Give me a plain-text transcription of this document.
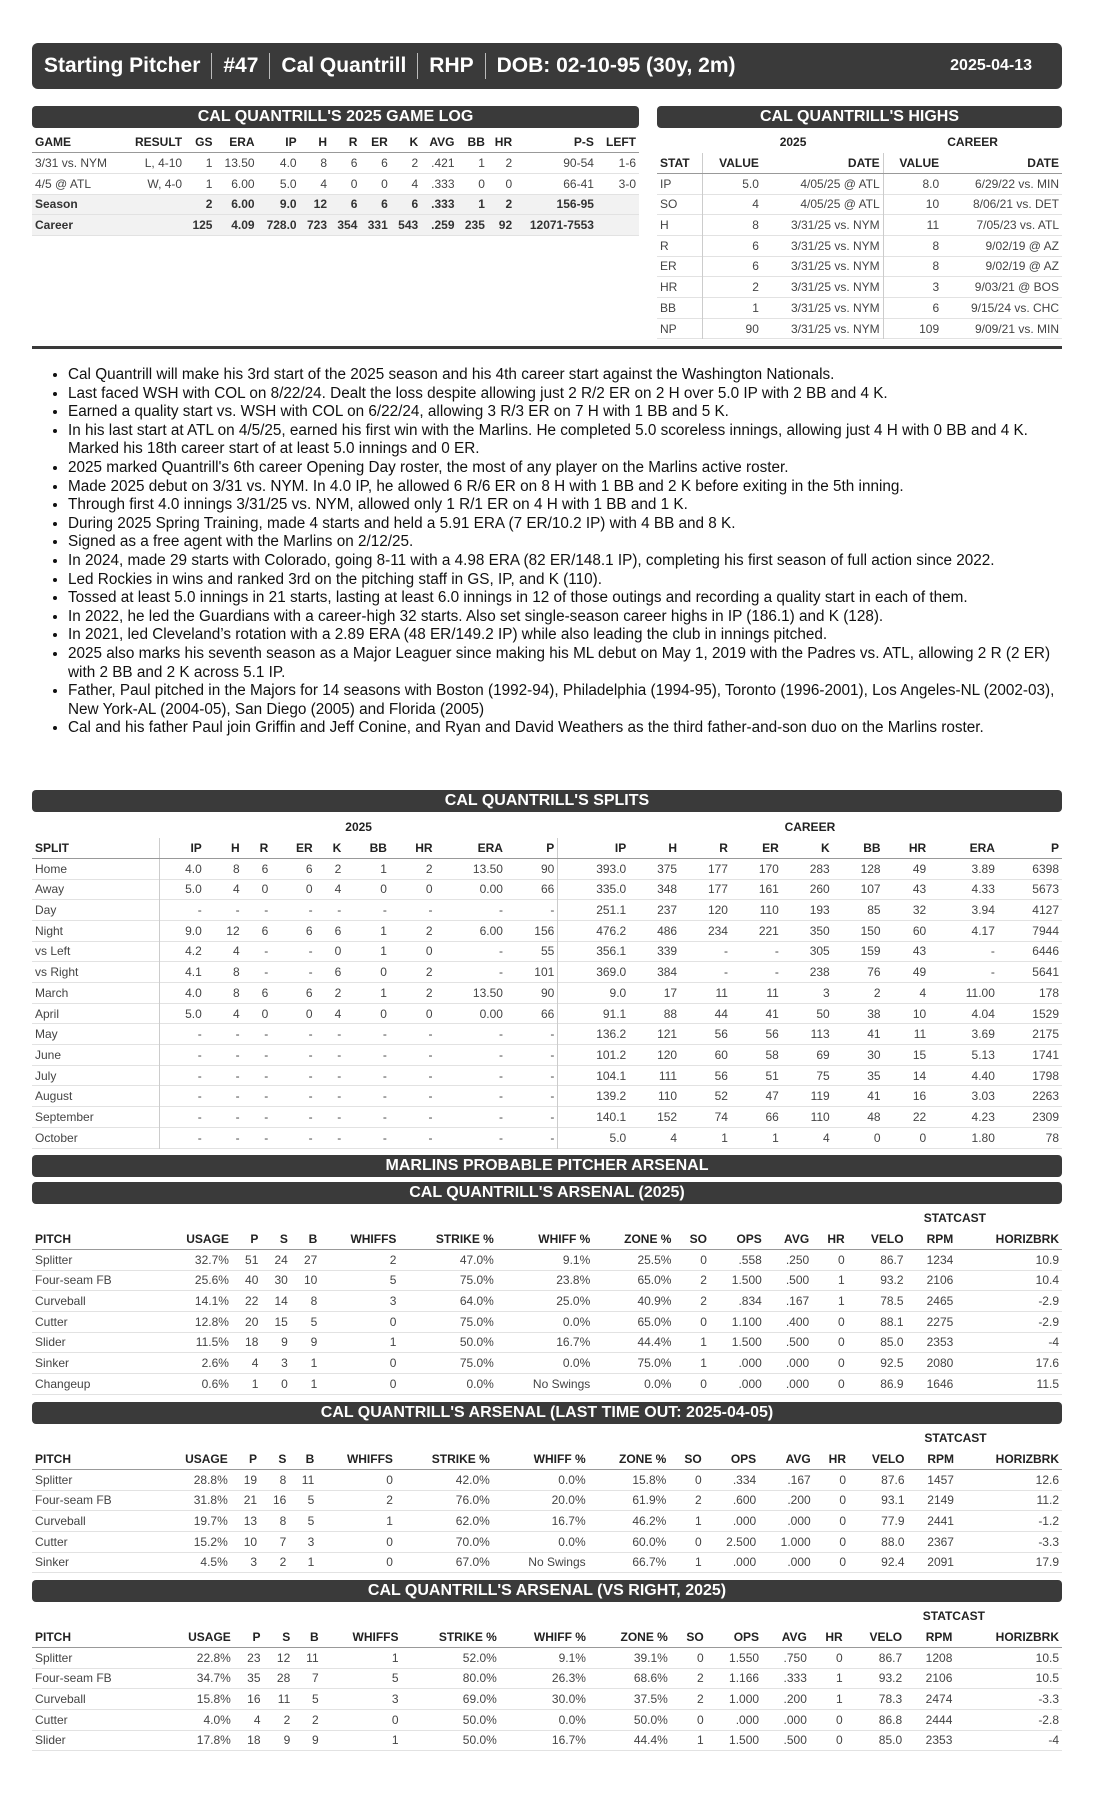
Starting Pitcher #47 Cal Quantrill RHP DOB: 02-10-95 (30y, 2m)	2025-04-13
CAL QUANTRILL'S 2025 GAME LOG
GAME	RESULT	GS	ERA	IP	H	R	ER	K	AVG	BB	HR	P-S	LEFT
3/31 vs. NYM	L, 4-10	1	13.50	4.0	8	6	6	2	.421	1	2	90-54	1-6
4/5 @ ATL	W, 4-0	1	6.00	5.0	4	0	0	4	.333	0	0	66-41	3-0
Season		2	6.00	9.0	12	6	6	6	.333	1	2	156-95	
Career		125	4.09	728.0	723	354	331	543	.259	235	92	12071-7553	
CAL QUANTRILL'S HIGHS
	2025		CAREER	
STAT	VALUE	DATE	VALUE	DATE
IP	5.0	4/05/25 @ ATL	8.0	6/29/22 vs. MIN
SO	4	4/05/25 @ ATL	10	8/06/21 vs. DET
H	8	3/31/25 vs. NYM	11	7/05/23 vs. ATL
R	6	3/31/25 vs. NYM	8	9/02/19 @ AZ
ER	6	3/31/25 vs. NYM	8	9/02/19 @ AZ
HR	2	3/31/25 vs. NYM	3	9/03/21 @ BOS
BB	1	3/31/25 vs. NYM	6	9/15/24 vs. CHC
NP	90	3/31/25 vs. NYM	109	9/09/21 vs. MIN
• Cal Quantrill will make his 3rd start of the 2025 season and his 4th career start against the Washington Nationals.
• Last faced WSH with COL on 8/22/24. Dealt the loss despite allowing just 2 R/2 ER on 2 H over 5.0 IP with 2 BB and 4 K.
• Earned a quality start vs. WSH with COL on 6/22/24, allowing 3 R/3 ER on 7 H with 1 BB and 5 K.
• In his last start at ATL on 4/5/25, earned his first win with the Marlins. He completed 5.0 scoreless innings, allowing just 4 H with 0 BB and 4 K. Marked his 18th career start of at least 5.0 innings and 0 ER.
• 2025 marked Quantrill's 6th career Opening Day roster, the most of any player on the Marlins active roster.
• Made 2025 debut on 3/31 vs. NYM. In 4.0 IP, he allowed 6 R/6 ER on 8 H with 1 BB and 2 K before exiting in the 5th inning.
• Through first 4.0 innings 3/31/25 vs. NYM, allowed only 1 R/1 ER on 4 H with 1 BB and 1 K.
• During 2025 Spring Training, made 4 starts and held a 5.91 ERA (7 ER/10.2 IP) with 4 BB and 8 K.
• Signed as a free agent with the Marlins on 2/12/25.
• In 2024, made 29 starts with Colorado, going 8-11 with a 4.98 ERA (82 ER/148.1 IP), completing his first season of full action since 2022.
• Led Rockies in wins and ranked 3rd on the pitching staff in GS, IP, and K (110).
• Tossed at least 5.0 innings in 21 starts, lasting at least 6.0 innings in 12 of those outings and recording a quality start in each of them.
• In 2022, he led the Guardians with a career-high 32 starts. Also set single-season career highs in IP (186.1) and K (128).
• In 2021, led Cleveland’s rotation with a 2.89 ERA (48 ER/149.2 IP) while also leading the club in innings pitched.
• 2025 also marks his seventh season as a Major Leaguer since making his ML debut on May 1, 2019 with the Padres vs. ATL, allowing 2 R (2 ER) with 2 BB and 2 K across 5.1 IP.
• Father, Paul pitched in the Majors for 14 seasons with Boston (1992-94), Philadelphia (1994-95), Toronto (1996-2001), Los Angeles-NL (2002-03), New York-AL (2004-05), San Diego (2005) and Florida (2005)
• Cal and his father Paul join Griffin and Jeff Conine, and Ryan and David Weathers as the third father-and-son duo on the Marlins roster.
CAL QUANTRILL'S SPLITS
	2025									CAREER								
SPLIT	IP	H	R	ER	K	BB	HR	ERA	P	IP	H	R	ER	K	BB	HR	ERA	P
Home	4.0	8	6	6	2	1	2	13.50	90	393.0	375	177	170	283	128	49	3.89	6398
Away	5.0	4	0	0	4	0	0	0.00	66	335.0	348	177	161	260	107	43	4.33	5673
Day	-	-	-	-	-	-	-	-	-	251.1	237	120	110	193	85	32	3.94	4127
Night	9.0	12	6	6	6	1	2	6.00	156	476.2	486	234	221	350	150	60	4.17	7944
vs Left	4.2	4	-	-	0	1	0	-	55	356.1	339	-	-	305	159	43	-	6446
vs Right	4.1	8	-	-	6	0	2	-	101	369.0	384	-	-	238	76	49	-	5641
March	4.0	8	6	6	2	1	2	13.50	90	9.0	17	11	11	3	2	4	11.00	178
April	5.0	4	0	0	4	0	0	0.00	66	91.1	88	44	41	50	38	10	4.04	1529
May	-	-	-	-	-	-	-	-	-	136.2	121	56	56	113	41	11	3.69	2175
June	-	-	-	-	-	-	-	-	-	101.2	120	60	58	69	30	15	5.13	1741
July	-	-	-	-	-	-	-	-	-	104.1	111	56	51	75	35	14	4.40	1798
August	-	-	-	-	-	-	-	-	-	139.2	110	52	47	119	41	16	3.03	2263
September	-	-	-	-	-	-	-	-	-	140.1	152	74	66	110	48	22	4.23	2309
October	-	-	-	-	-	-	-	-	-	5.0	4	1	1	4	0	0	1.80	78
MARLINS PROBABLE PITCHER ARSENAL
CAL QUANTRILL'S ARSENAL (2025)
													STATCAST		
PITCH	USAGE	P	S	B	WHIFFS	STRIKE %	WHIFF %	ZONE %	SO	OPS	AVG	HR	VELO	RPM	HORIZBRK
Splitter	32.7%	51	24	27	2	47.0%	9.1%	25.5%	0	.558	.250	0	86.7	1234	10.9
Four-seam FB	25.6%	40	30	10	5	75.0%	23.8%	65.0%	2	1.500	.500	1	93.2	2106	10.4
Curveball	14.1%	22	14	8	3	64.0%	25.0%	40.9%	2	.834	.167	1	78.5	2465	-2.9
Cutter	12.8%	20	15	5	0	75.0%	0.0%	65.0%	0	1.100	.400	0	88.1	2275	-2.9
Slider	11.5%	18	9	9	1	50.0%	16.7%	44.4%	1	1.500	.500	0	85.0	2353	-4
Sinker	2.6%	4	3	1	0	75.0%	0.0%	75.0%	1	.000	.000	0	92.5	2080	17.6
Changeup	0.6%	1	0	1	0	0.0%	No Swings	0.0%	0	.000	.000	0	86.9	1646	11.5
CAL QUANTRILL'S ARSENAL (LAST TIME OUT: 2025-04-05)
													STATCAST		
PITCH	USAGE	P	S	B	WHIFFS	STRIKE %	WHIFF %	ZONE %	SO	OPS	AVG	HR	VELO	RPM	HORIZBRK
Splitter	28.8%	19	8	11	0	42.0%	0.0%	15.8%	0	.334	.167	0	87.6	1457	12.6
Four-seam FB	31.8%	21	16	5	2	76.0%	20.0%	61.9%	2	.600	.200	0	93.1	2149	11.2
Curveball	19.7%	13	8	5	1	62.0%	16.7%	46.2%	1	.000	.000	0	77.9	2441	-1.2
Cutter	15.2%	10	7	3	0	70.0%	0.0%	60.0%	0	2.500	1.000	0	88.0	2367	-3.3
Sinker	4.5%	3	2	1	0	67.0%	No Swings	66.7%	1	.000	.000	0	92.4	2091	17.9
CAL QUANTRILL'S ARSENAL (VS RIGHT, 2025)
													STATCAST		
PITCH	USAGE	P	S	B	WHIFFS	STRIKE %	WHIFF %	ZONE %	SO	OPS	AVG	HR	VELO	RPM	HORIZBRK
Splitter	22.8%	23	12	11	1	52.0%	9.1%	39.1%	0	1.550	.750	0	86.7	1208	10.5
Four-seam FB	34.7%	35	28	7	5	80.0%	26.3%	68.6%	2	1.166	.333	1	93.2	2106	10.5
Curveball	15.8%	16	11	5	3	69.0%	30.0%	37.5%	2	1.000	.200	1	78.3	2474	-3.3
Cutter	4.0%	4	2	2	0	50.0%	0.0%	50.0%	0	.000	.000	0	86.8	2444	-2.8
Slider	17.8%	18	9	9	1	50.0%	16.7%	44.4%	1	1.500	.500	0	85.0	2353	-4
